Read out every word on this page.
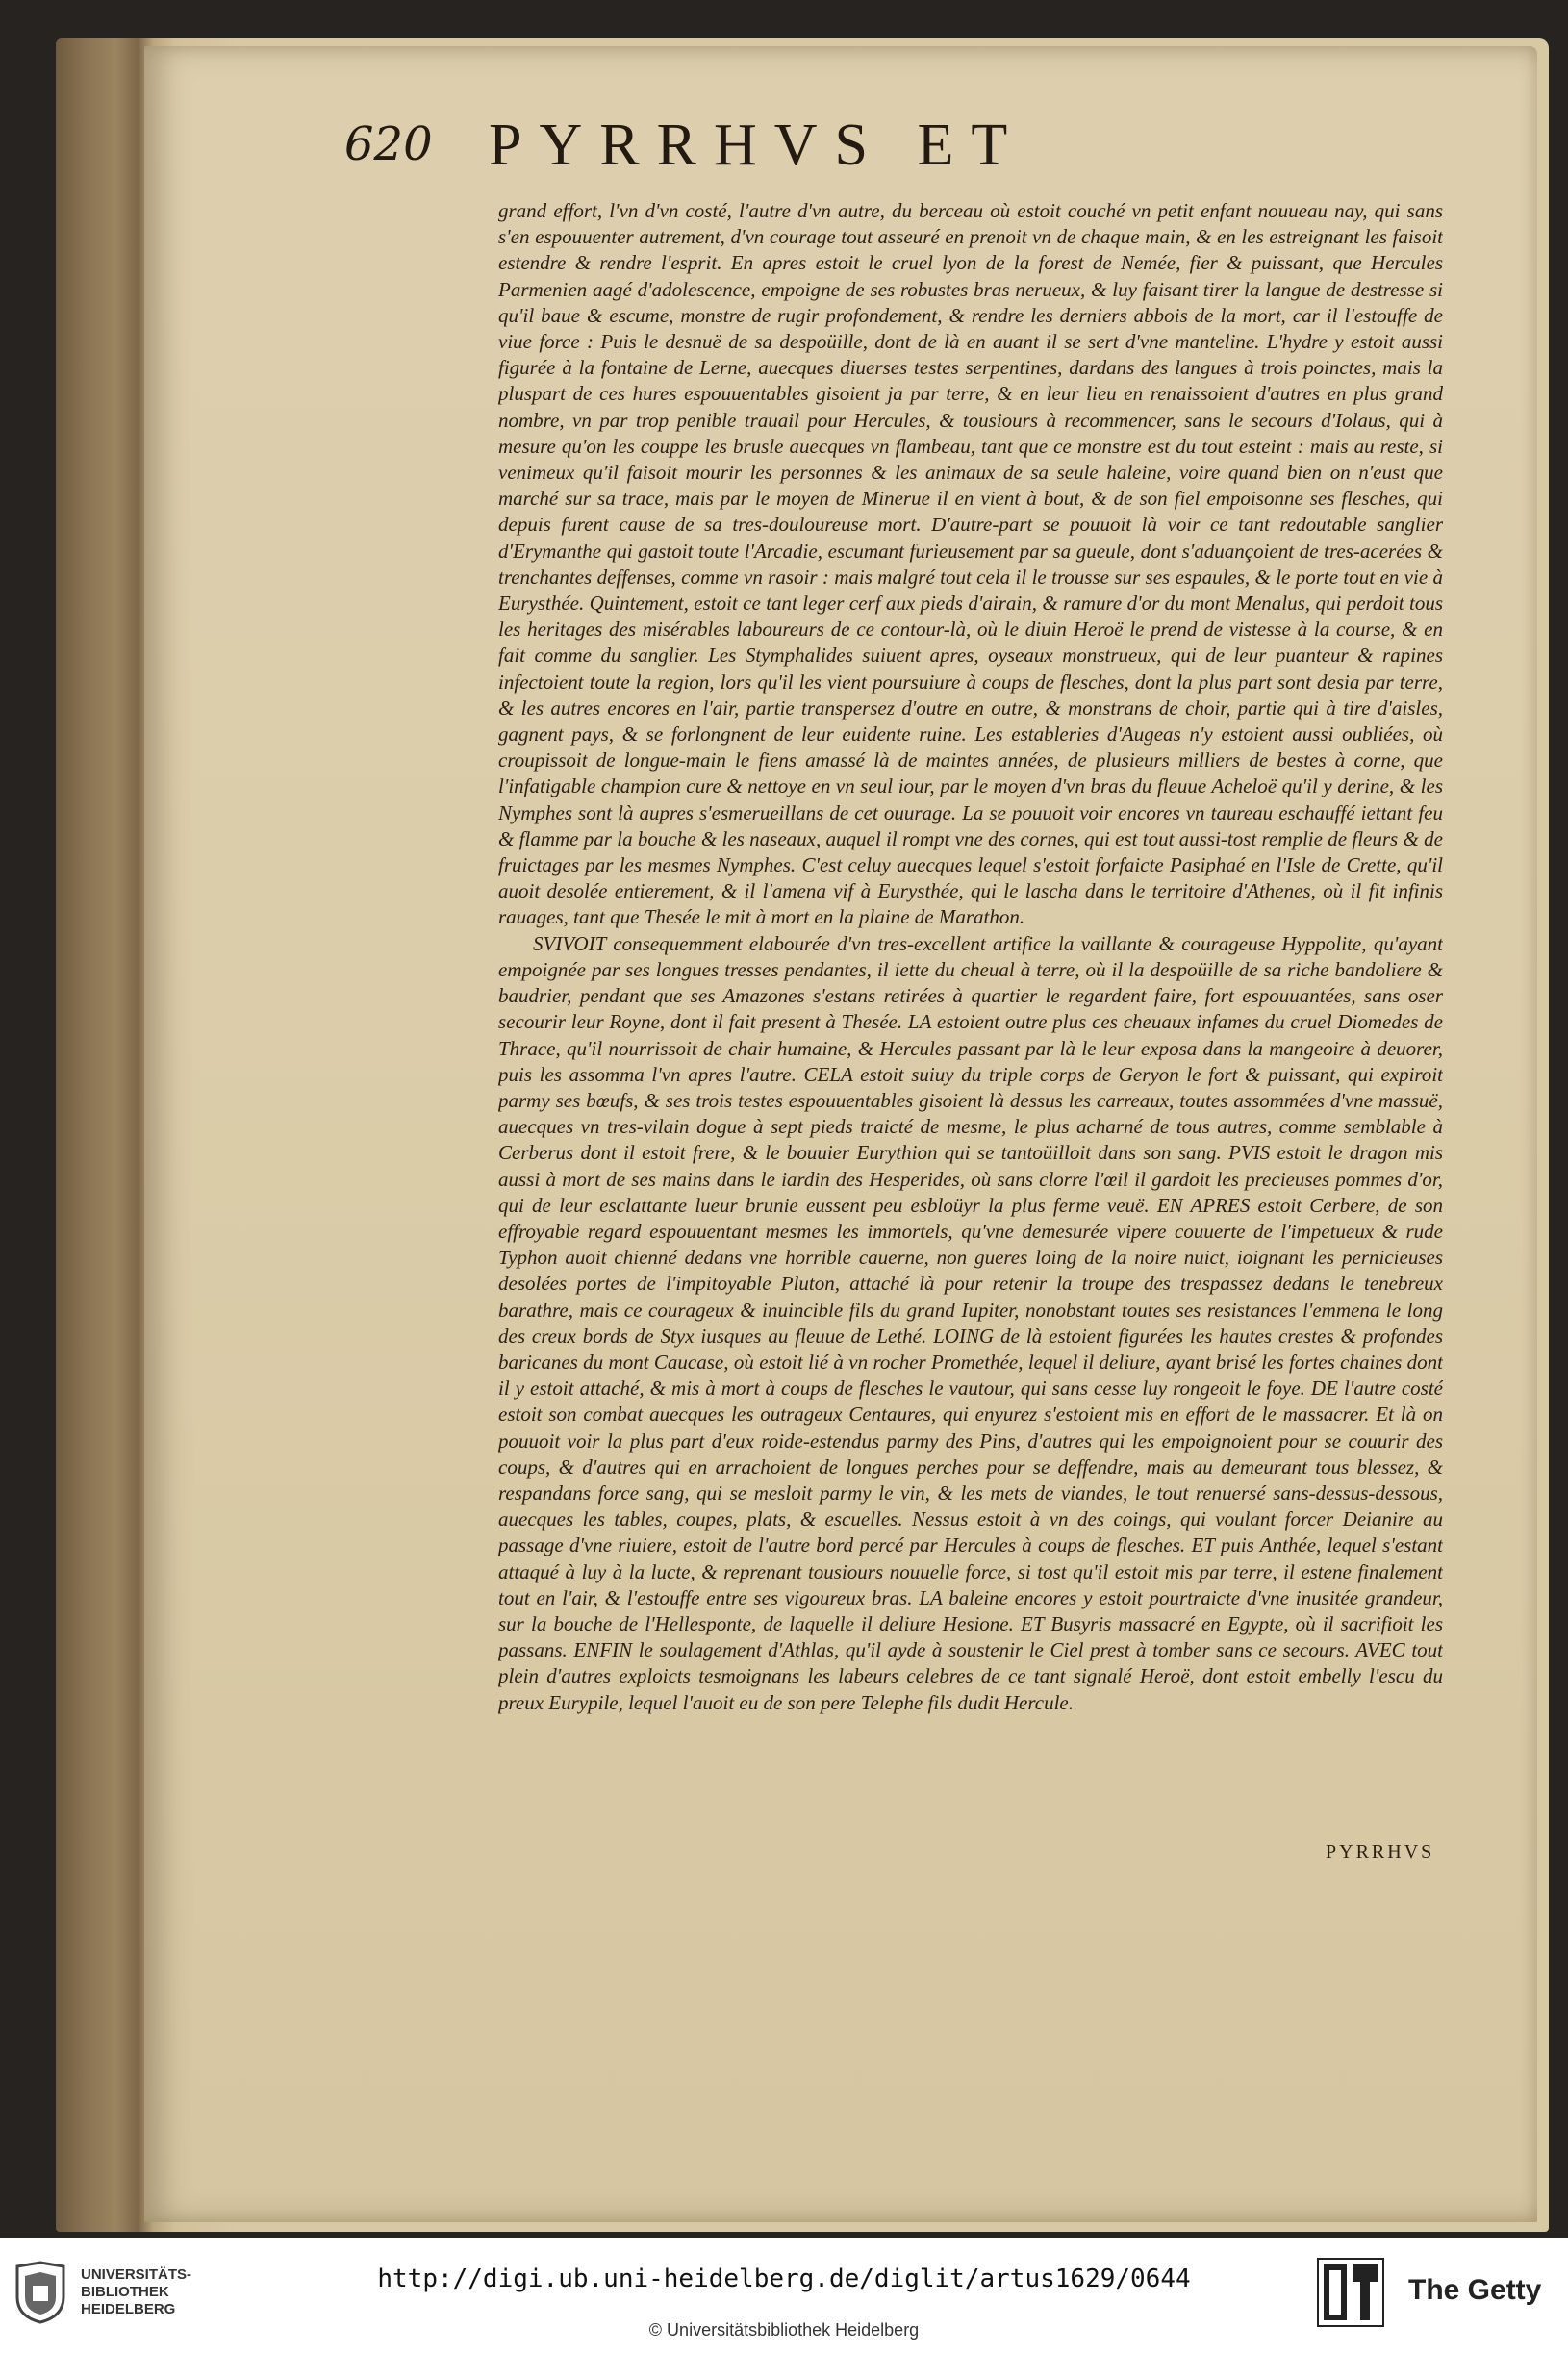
620 PYRRHVS ET

grand effort, l'vn d'vn costé, l'autre d'vn autre, du berceau où estoit couché vn petit enfant nouueau nay, qui sans s'en espouuenter autrement, d'vn courage tout asseuré en prenoit vn de chaque main, & en les estreignant les faisoit estendre & rendre l'esprit. En apres estoit le cruel lyon de la forest de Nemée, fier & puissant, que Hercules Parmenien aagé d'adolescence, empoigne de ses robustes bras nerueux, & luy faisant tirer la langue de destresse si qu'il baue & escume, monstre de rugir profondement, & rendre les derniers abbois de la mort, car il l'estouffe de viue force : Puis le desnuë de sa despoüille, dont de là en auant il se sert d'vne manteline. L'hydre y estoit aussi figurée à la fontaine de Lerne, auecques diuerses testes serpentines, dardans des langues à trois poinctes, mais la pluspart de ces hures espouuentables gisoient ja par terre, & en leur lieu en renaissoient d'autres en plus grand nombre, vn par trop penible trauail pour Hercules, & tousiours à recommencer, sans le secours d'Iolaus, qui à mesure qu'on les couppe les brusle auecques vn flambeau, tant que ce monstre est du tout esteint : mais au reste, si venimeux qu'il faisoit mourir les personnes & les animaux de sa seule haleine, voire quand bien on n'eust que marché sur sa trace, mais par le moyen de Minerue il en vient à bout, & de son fiel empoisonne ses flesches, qui depuis furent cause de sa tres-douloureuse mort. D'autre-part se pouuoit là voir ce tant redoutable sanglier d'Erymanthe qui gastoit toute l'Arcadie, escumant furieusement par sa gueule, dont s'aduançoient de tres-acerées & trenchantes deffenses, comme vn rasoir : mais malgré tout cela il le trousse sur ses espaules, & le porte tout en vie à Eurysthée. Quintement, estoit ce tant leger cerf aux pieds d'airain, & ramure d'or du mont Menalus, qui perdoit tous les heritages des misérables laboureurs de ce contour-là, où le diuin Heroë le prend de vistesse à la course, & en fait comme du sanglier. Les Stymphalides suiuent apres, oyseaux monstrueux, qui de leur puanteur & rapines infectoient toute la region, lors qu'il les vient poursuiure à coups de flesches, dont la plus part sont desia par terre, & les autres encores en l'air, partie transpersez d'outre en outre, & monstrans de choir, partie qui à tire d'aisles, gagnent pays, & se forlongnent de leur euidente ruine. Les estableries d'Augeas n'y estoient aussi oubliées, où croupissoit de longue-main le fiens amassé là de maintes années, de plusieurs milliers de bestes à corne, que l'infatigable champion cure & nettoye en vn seul iour, par le moyen d'vn bras du fleuue Acheloë qu'il y derine, & les Nymphes sont là aupres s'esmerueillans de cet ouurage. La se pouuoit voir encores vn taureau eschauffé iettant feu & flamme par la bouche & les naseaux, auquel il rompt vne des cornes, qui est tout aussi-tost remplie de fleurs & de fruictages par les mesmes Nymphes. C'est celuy auecques lequel s'estoit forfaicte Pasiphaé en l'Isle de Crette, qu'il auoit desolée entierement, & il l'amena vif à Eurysthée, qui le lascha dans le territoire d'Athenes, où il fit infinis rauages, tant que Thesée le mit à mort en la plaine de Marathon.

SVIVOIT consequemment elabourée d'vn tres-excellent artifice la vaillante & courageuse Hyppolite, qu'ayant empoignée par ses longues tresses pendantes, il iette du cheual à terre, où il la despoüille de sa riche bandoliere & baudrier, pendant que ses Amazones s'estans retirées à quartier le regardent faire, fort espouuantées, sans oser secourir leur Royne, dont il fait present à Thesée. LA estoient outre plus ces cheuaux infames du cruel Diomedes de Thrace, qu'il nourrissoit de chair humaine, & Hercules passant par là le leur exposa dans la mangeoire à deuorer, puis les assomma l'vn apres l'autre. CELA estoit suiuy du triple corps de Geryon le fort & puissant, qui expiroit parmy ses bœufs, & ses trois testes espouuentables gisoient là dessus les carreaux, toutes assommées d'vne massuë, auecques vn tres-vilain dogue à sept pieds traicté de mesme, le plus acharné de tous autres, comme semblable à Cerberus dont il estoit frere, & le bouuier Eurythion qui se tantoüilloit dans son sang. PVIS estoit le dragon mis aussi à mort de ses mains dans le iardin des Hesperides, où sans clorre l'œil il gardoit les precieuses pommes d'or, qui de leur esclattante lueur brunie eussent peu esbloüyr la plus ferme veuë. EN APRES estoit Cerbere, de son effroyable regard espouuentant mesmes les immortels, qu'vne demesurée vipere couuerte de l'impetueux & rude Typhon auoit chienné dedans vne horrible cauerne, non gueres loing de la noire nuict, ioignant les pernicieuses desolées portes de l'impitoyable Pluton, attaché là pour retenir la troupe des trespassez dedans le tenebreux barathre, mais ce courageux & inuincible fils du grand Iupiter, nonobstant toutes ses resistances l'emmena le long des creux bords de Styx iusques au fleuue de Lethé. LOING de là estoient figurées les hautes crestes & profondes baricanes du mont Caucase, où estoit lié à vn rocher Promethée, lequel il deliure, ayant brisé les fortes chaines dont il y estoit attaché, & mis à mort à coups de flesches le vautour, qui sans cesse luy rongeoit le foye. DE l'autre costé estoit son combat auecques les outrageux Centaures, qui enyurez s'estoient mis en effort de le massacrer. Et là on pouuoit voir la plus part d'eux roide-estendus parmy des Pins, d'autres qui les empoignoient pour se couurir des coups, & d'autres qui en arrachoient de longues perches pour se deffendre, mais au demeurant tous blessez, & respandans force sang, qui se mesloit parmy le vin, & les mets de viandes, le tout renuersé sans-dessus-dessous, auecques les tables, coupes, plats, & escuelles. Nessus estoit à vn des coings, qui voulant forcer Deianire au passage d'vne riuiere, estoit de l'autre bord percé par Hercules à coups de flesches. ET puis Anthée, lequel s'estant attaqué à luy à la lucte, & reprenant tousiours nouuelle force, si tost qu'il estoit mis par terre, il estene finalement tout en l'air, & l'estouffe entre ses vigoureux bras. LA baleine encores y estoit pourtraicte d'vne inusitée grandeur, sur la bouche de l'Hellesponte, de laquelle il deliure Hesione. ET Busyris massacré en Egypte, où il sacrifioit les passans. ENFIN le soulagement d'Athlas, qu'il ayde à soustenir le Ciel prest à tomber sans ce secours. AVEC tout plein d'autres exploicts tesmoignans les labeurs celebres de ce tant signalé Heroë, dont estoit embelly l'escu du preux Eurypile, lequel l'auoit eu de son pere Telephe fils dudit Hercule.

PYRRHVS
UNIVERSITÄTS-
BIBLIOTHEK
HEIDELBERG
http://digi.ub.uni-heidelberg.de/diglit/artus1629/0644
© Universitätsbibliothek Heidelberg
The Getty
